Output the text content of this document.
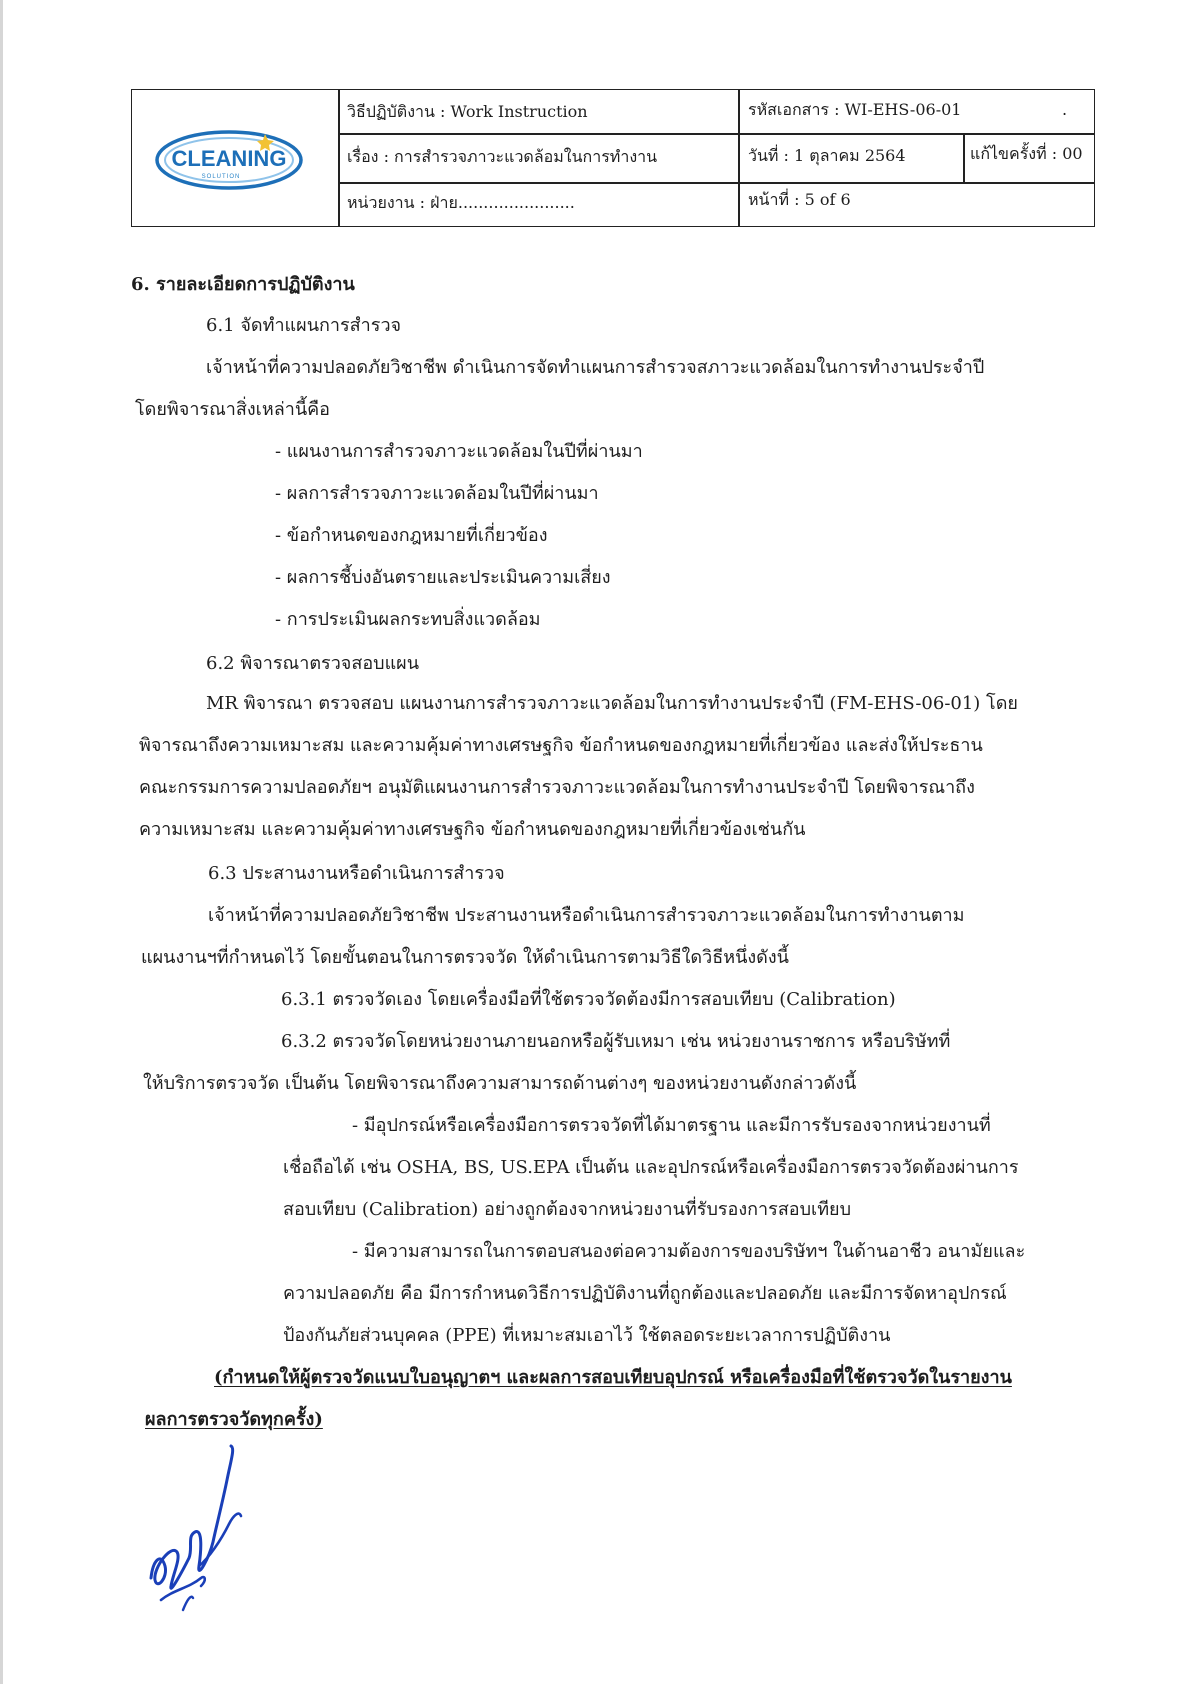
CLEANING
SOLUTION
วิธีปฏิบัติงาน : Work Instruction	รหัสเอกสาร : WI-EHS-06-01	.
เรื่อง : การสำรวจภาวะแวดล้อมในการทำงาน	วันที่ : 1 ตุลาคม 2564	แก้ไขครั้งที่ : 00
หน่วยงาน : ฝ่าย.......................	หน้าที่ : 5 of 6
6. รายละเอียดการปฏิบัติงาน
6.1 จัดทำแผนการสำรวจ
เจ้าหน้าที่ความปลอดภัยวิชาชีพ ดำเนินการจัดทำแผนการสำรวจสภาวะแวดล้อมในการทำงานประจำปี
โดยพิจารณาสิ่งเหล่านี้คือ
- แผนงานการสำรวจภาวะแวดล้อมในปีที่ผ่านมา
- ผลการสำรวจภาวะแวดล้อมในปีที่ผ่านมา
- ข้อกำหนดของกฎหมายที่เกี่ยวข้อง
- ผลการชี้บ่งอันตรายและประเมินความเสี่ยง
- การประเมินผลกระทบสิ่งแวดล้อม
6.2 พิจารณาตรวจสอบแผน
MR พิจารณา ตรวจสอบ แผนงานการสำรวจภาวะแวดล้อมในการทำงานประจำปี (FM-EHS-06-01) โดย
พิจารณาถึงความเหมาะสม และความคุ้มค่าทางเศรษฐกิจ ข้อกำหนดของกฎหมายที่เกี่ยวข้อง และส่งให้ประธาน
คณะกรรมการความปลอดภัยฯ อนุมัติแผนงานการสำรวจภาวะแวดล้อมในการทำงานประจำปี โดยพิจารณาถึง
ความเหมาะสม และความคุ้มค่าทางเศรษฐกิจ ข้อกำหนดของกฎหมายที่เกี่ยวข้องเช่นกัน
6.3 ประสานงานหรือดำเนินการสำรวจ
เจ้าหน้าที่ความปลอดภัยวิชาชีพ ประสานงานหรือดำเนินการสำรวจภาวะแวดล้อมในการทำงานตาม
แผนงานฯที่กำหนดไว้ โดยขั้นตอนในการตรวจวัด ให้ดำเนินการตามวิธีใดวิธีหนึ่งดังนี้
6.3.1 ตรวจวัดเอง โดยเครื่องมือที่ใช้ตรวจวัดต้องมีการสอบเทียบ (Calibration)
6.3.2 ตรวจวัดโดยหน่วยงานภายนอกหรือผู้รับเหมา เช่น หน่วยงานราชการ หรือบริษัทที่
ให้บริการตรวจวัด เป็นต้น โดยพิจารณาถึงความสามารถด้านต่างๆ ของหน่วยงานดังกล่าวดังนี้
- มีอุปกรณ์หรือเครื่องมือการตรวจวัดที่ได้มาตรฐาน และมีการรับรองจากหน่วยงานที่
เชื่อถือได้ เช่น OSHA, BS, US.EPA เป็นต้น และอุปกรณ์หรือเครื่องมือการตรวจวัดต้องผ่านการ
สอบเทียบ (Calibration) อย่างถูกต้องจากหน่วยงานที่รับรองการสอบเทียบ
- มีความสามารถในการตอบสนองต่อความต้องการของบริษัทฯ ในด้านอาชีว อนามัยและ
ความปลอดภัย คือ มีการกำหนดวิธีการปฏิบัติงานที่ถูกต้องและปลอดภัย และมีการจัดหาอุปกรณ์
ป้องกันภัยส่วนบุคคล (PPE) ที่เหมาะสมเอาไว้ ใช้ตลอดระยะเวลาการปฏิบัติงาน
(กำหนดให้ผู้ตรวจวัดแนบใบอนุญาตฯ และผลการสอบเทียบอุปกรณ์ หรือเครื่องมือที่ใช้ตรวจวัดในรายงาน
ผลการตรวจวัดทุกครั้ง)
